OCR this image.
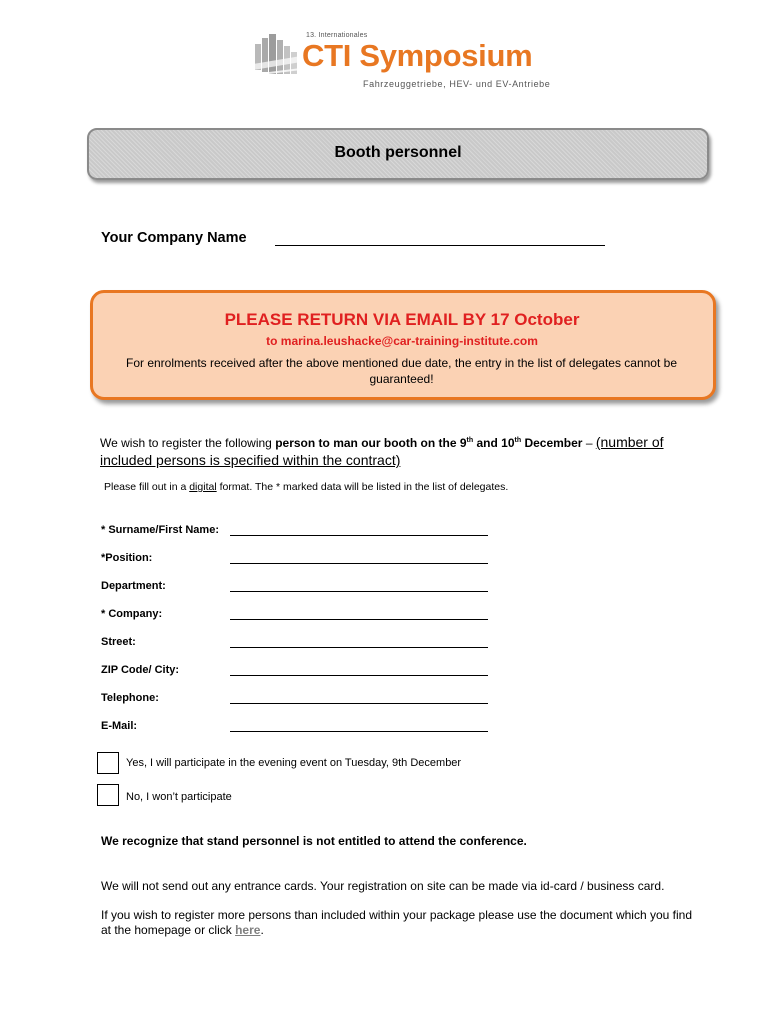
13. Internationales
CTI Symposium
Fahrzeuggetriebe, HEV- und EV-Antriebe
Booth personnel
Your Company Name
PLEASE RETURN VIA EMAIL BY 17 October
to marina.leushacke@car-training-institute.com
For enrolments received after the above mentioned due date, the entry in the list of delegates cannot be guaranteed!
We wish to register the following person to man our booth on the 9th and 10th December – (number of included persons is specified within the contract)
Please fill out in a digital format. The * marked data will be listed in the list of delegates.
* Surname/First Name:
*Position:
Department:
* Company:
Street:
ZIP Code/ City:
Telephone:
E-Mail:
Yes, I will participate in the evening event on Tuesday, 9th December
No, I won’t participate
We recognize that stand personnel is not entitled to attend the conference.
We will not send out any entrance cards. Your registration on site can be made via id-card / business card.
If you wish to register more persons than included within your package please use the document which you find at the homepage or click here.
